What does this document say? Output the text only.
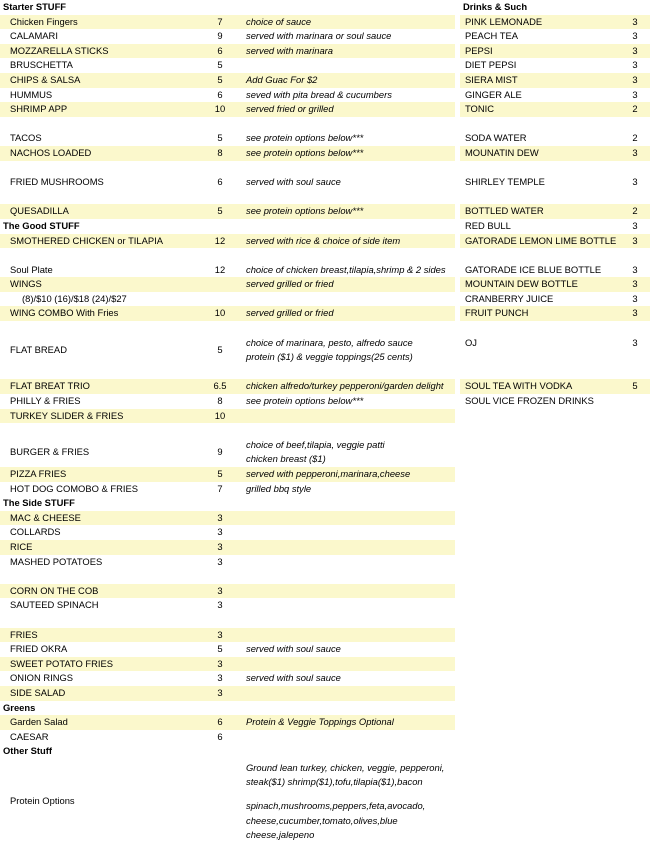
Starter STUFF		
Chicken Fingers	7	choice of sauce
CALAMARI	9	served with marinara or soul sauce
MOZZARELLA STICKS	6	served with marinara
BRUSCHETTA	5	
CHIPS & SALSA	5	Add Guac For $2
HUMMUS	6	seved with pita bread & cucumbers
SHRIMP APP	10	served fried or grilled

TACOS	5	see protein options below***
NACHOS LOADED	8	see protein options below***

FRIED MUSHROOMS	6	served with soul sauce

QUESADILLA	5	see protein options below***
The Good STUFF		
SMOTHERED CHICKEN or TILAPIA	12	served with rice & choice of side item

Soul Plate	12	choice of chicken breast,tilapia,shrimp & 2 sides
WINGS		served grilled or fried
(8)/$10 (16)/$18 (24)/$27		
WING COMBO With Fries	10	served grilled or fried

FLAT BREAD	5	choice of marinara, pesto, alfredo sauce
protein ($1) & veggie toppings(25 cents)

FLAT BREAT TRIO	6.5	chicken alfredo/turkey pepperoni/garden delight
PHILLY & FRIES	8	see protein options below***
TURKEY SLIDER & FRIES	10	

BURGER & FRIES	9	choice of beef,tilapia, veggie patti
chicken breast ($1)

PIZZA FRIES	5	served with pepperoni,marinara,cheese
HOT DOG COMOBO & FRIES	7	grilled bbq style
The Side STUFF		
MAC & CHEESE	3	
COLLARDS	3	
RICE	3	
MASHED POTATOES	3	

CORN ON THE COB	3	
SAUTEED SPINACH	3	

FRIES	3	
FRIED OKRA	5	served with soul sauce
SWEET POTATO FRIES	3	
ONION RINGS	3	served with soul sauce
SIDE SALAD	3	
Greens		
Garden Salad	6	Protein & Veggie Toppings Optional
CAESAR	6	
Other Stuff		
Protein Options		Ground lean turkey, chicken, veggie, pepperoni,
steak($1) shrimp($1),tofu,tilapia($1),bacon
spinach,mushrooms,peppers,feta,avocado,
cheese,cucumber,tomato,olives,blue
cheese,jalepeno
Drinks & Such	
PINK LEMONADE	3
PEACH TEA	3
PEPSI	3
DIET PEPSI	3
SIERA MIST	3
GINGER ALE	3
TONIC	2

SODA WATER	2
MOUNATIN DEW	3

SHIRLEY TEMPLE	3

BOTTLED WATER	2
RED BULL	3
GATORADE LEMON LIME BOTTLE	3

GATORADE ICE BLUE BOTTLE	3
MOUNTAIN DEW BOTTLE	3
CRANBERRY JUICE	3
FRUIT PUNCH	3

OJ	3

SOUL TEA WITH VODKA	5
SOUL VICE FROZEN DRINKS	
